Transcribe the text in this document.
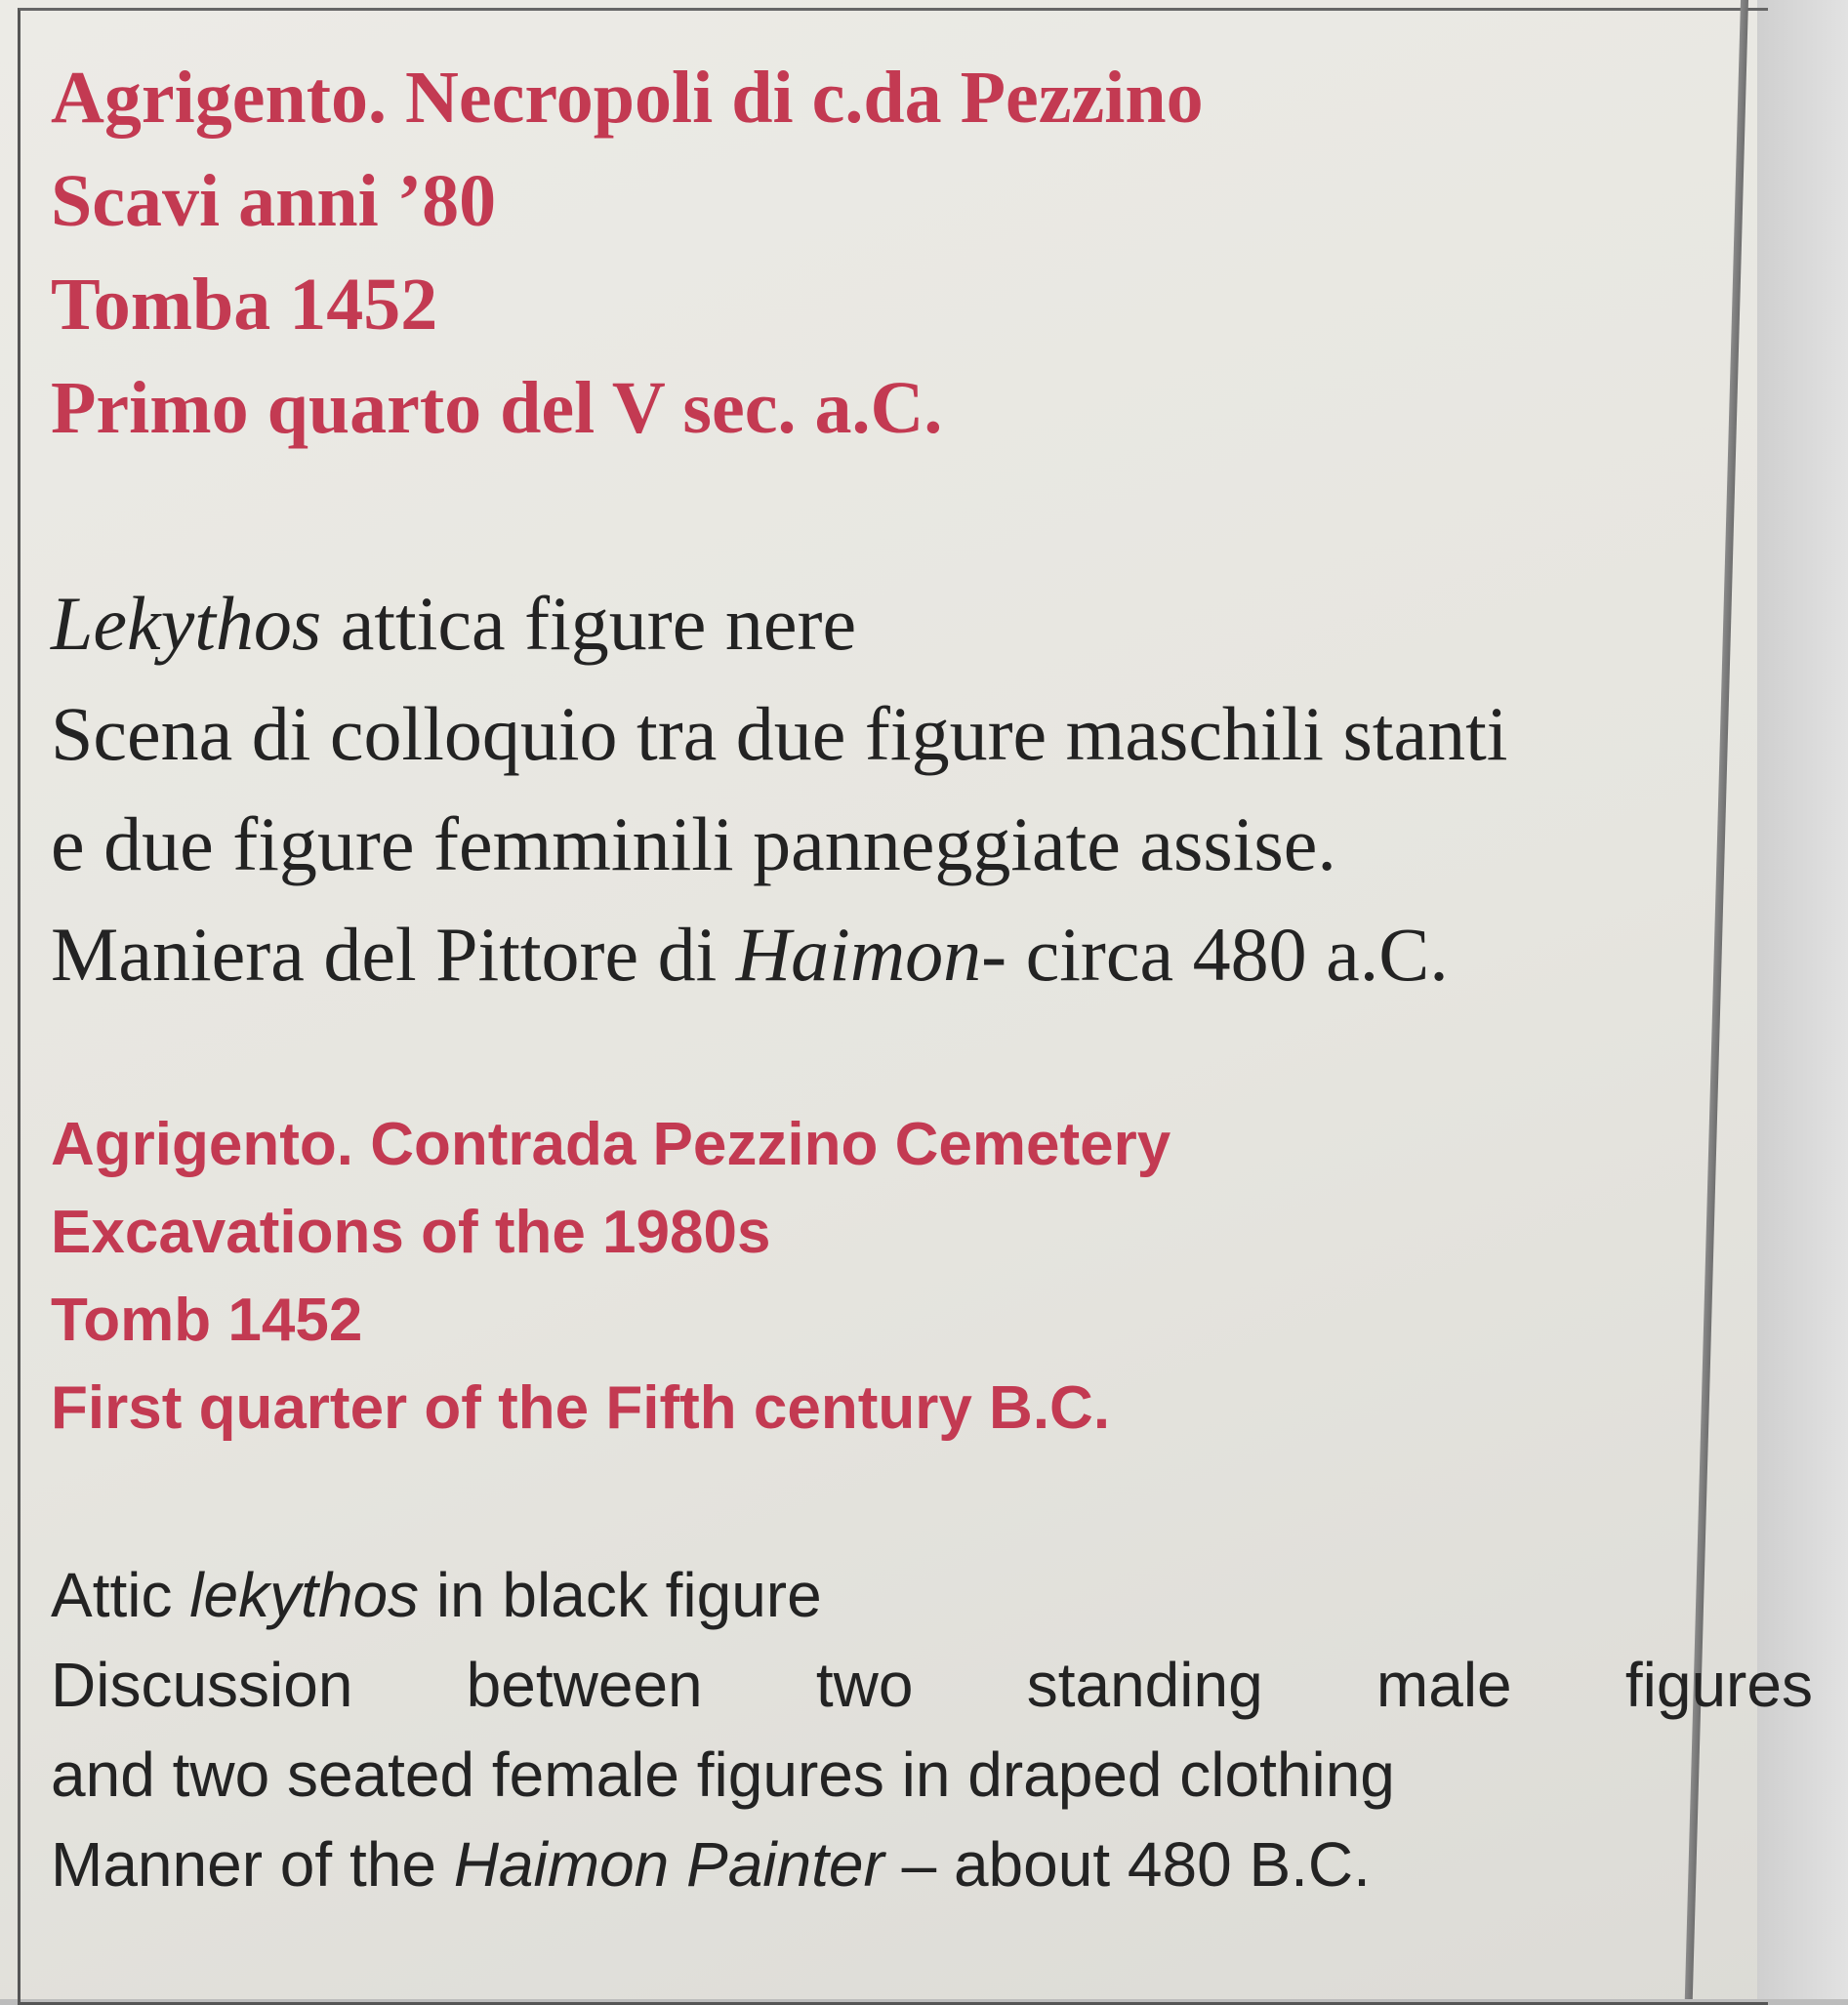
Agrigento. Necropoli di c.da Pezzino

Scavi anni ’80

Tomba 1452

Primo quarto del V sec. a.C.

Lekythos attica figure nere

Scena di colloquio tra due figure maschili stanti

e due figure femminili panneggiate assise.

Maniera del Pittore di Haimon- circa 480 a.C.

Agrigento. Contrada Pezzino Cemetery

Excavations of the 1980s

Tomb 1452

First quarter of the Fifth century B.C.

Attic lekythos in black figure

Discussion between two standing male figures

and two seated female figures in draped clothing

Manner of the Haimon Painter – about 480 B.C.
